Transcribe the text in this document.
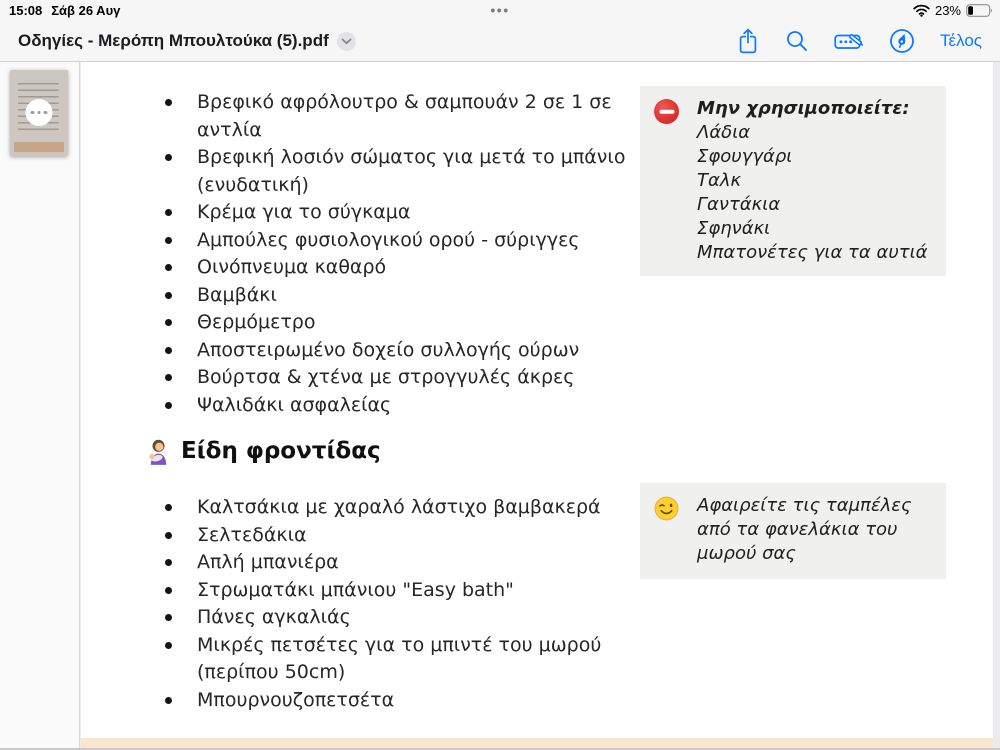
15:08 Σάβ 26 Αυγ	•••	23%
Οδηγίες - Μερόπη Μπουλτούκα (5).pdf	Τέλος
Βρεφικό αφρόλουτρο & σαμπουάν 2 σε 1 σε αντλία
Βρεφική λοσιόν σώματος για μετά το μπάνιο (ενυδατική)
Κρέμα για το σύγκαμα
Αμπούλες φυσιολογικού ορού - σύριγγες
Οινόπνευμα καθαρό
Βαμβάκι
Θερμόμετρο
Αποστειρωμένο δοχείο συλλογής ούρων
Βούρτσα & χτένα με στρογγυλές άκρες
Ψαλιδάκι ασφαλείας
Μην χρησιμοποιείτε:
Λάδια
Σφουγγάρι
Ταλκ
Γαντάκια
Σφηνάκι
Μπατονέτες για τα αυτιά
Είδη φροντίδας
Καλτσάκια με χαραλό λάστιχο βαμβακερά
Σελτεδάκια
Απλή μπανιέρα
Στρωματάκι μπάνιου "Easy bath"
Πάνες αγκαλιάς
Μικρές πετσέτες για το μπιντέ του μωρού (περίπου 50cm)
Μπουρνουζοπετσέτα
Αφαιρείτε τις ταμπέλες από τα φανελάκια του μωρού σας
